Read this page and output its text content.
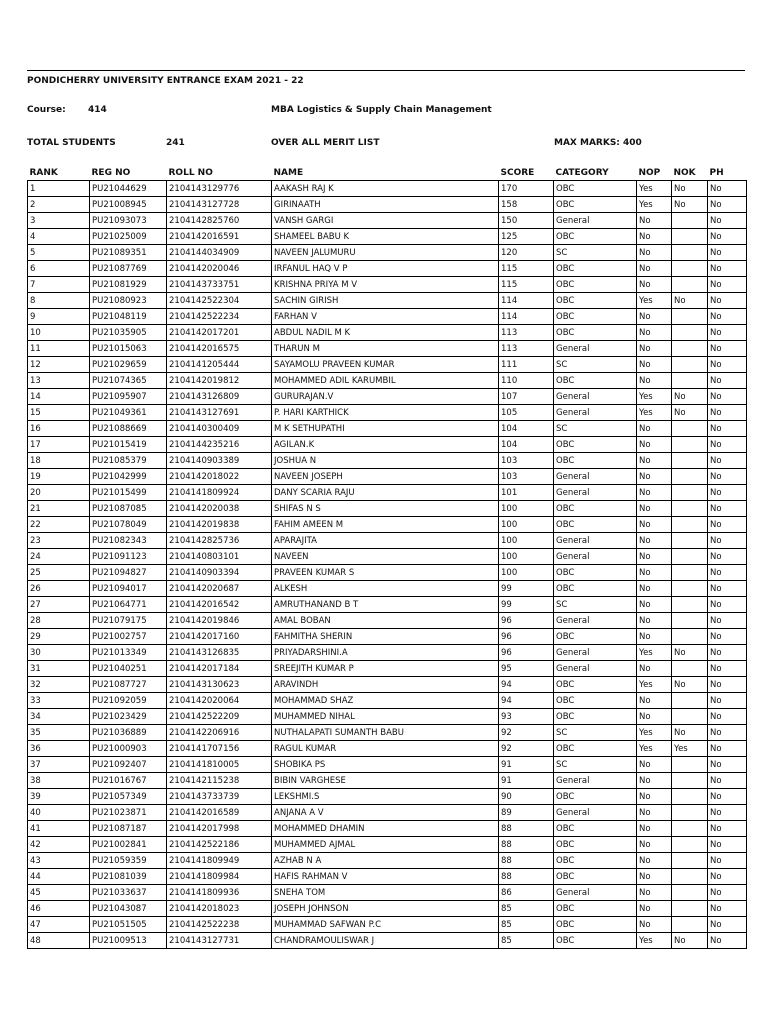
PONDICHERRY UNIVERSITY ENTRANCE EXAM 2021 - 22
Course: 414	MBA Logistics & Supply Chain Management
TOTAL STUDENTS	241	OVER ALL MERIT LIST	MAX MARKS: 400
RANK	REG NO	ROLL NO	NAME	SCORE	CATEGORY	NOP	NOK	PH
1	PU21044629	2104143129776	AAKASH RAJ K	170	OBC	Yes	No	No
2	PU21008945	2104143127728	GIRINAATH	158	OBC	Yes	No	No
3	PU21093073	2104142825760	VANSH GARGI	150	General	No		No
4	PU21025009	2104142016591	SHAMEEL BABU K	125	OBC	No		No
5	PU21089351	2104144034909	NAVEEN JALUMURU	120	SC	No		No
6	PU21087769	2104142020046	IRFANUL HAQ V P	115	OBC	No		No
7	PU21081929	2104143733751	KRISHNA PRIYA M V	115	OBC	No		No
8	PU21080923	2104142522304	SACHIN GIRISH	114	OBC	Yes	No	No
9	PU21048119	2104142522234	FARHAN V	114	OBC	No		No
10	PU21035905	2104142017201	ABDUL NADIL M K	113	OBC	No		No
11	PU21015063	2104142016575	THARUN M	113	General	No		No
12	PU21029659	2104141205444	SAYAMOLU PRAVEEN KUMAR	111	SC	No		No
13	PU21074365	2104142019812	MOHAMMED ADIL KARUMBIL	110	OBC	No		No
14	PU21095907	2104143126809	GURURAJAN.V	107	General	Yes	No	No
15	PU21049361	2104143127691	P. HARI KARTHICK	105	General	Yes	No	No
16	PU21088669	2104140300409	M K SETHUPATHI	104	SC	No		No
17	PU21015419	2104144235216	AGILAN.K	104	OBC	No		No
18	PU21085379	2104140903389	JOSHUA N	103	OBC	No		No
19	PU21042999	2104142018022	NAVEEN JOSEPH	103	General	No		No
20	PU21015499	2104141809924	DANY SCARIA RAJU	101	General	No		No
21	PU21087085	2104142020038	SHIFAS N S	100	OBC	No		No
22	PU21078049	2104142019838	FAHIM AMEEN M	100	OBC	No		No
23	PU21082343	2104142825736	APARAJITA	100	General	No		No
24	PU21091123	2104140803101	NAVEEN	100	General	No		No
25	PU21094827	2104140903394	PRAVEEN KUMAR S	100	OBC	No		No
26	PU21094017	2104142020687	ALKESH	99	OBC	No		No
27	PU21064771	2104142016542	AMRUTHANAND B T	99	SC	No		No
28	PU21079175	2104142019846	AMAL BOBAN	96	General	No		No
29	PU21002757	2104142017160	FAHMITHA SHERIN	96	OBC	No		No
30	PU21013349	2104143126835	PRIYADARSHINI.A	96	General	Yes	No	No
31	PU21040251	2104142017184	SREEJITH KUMAR P	95	General	No		No
32	PU21087727	2104143130623	ARAVINDH	94	OBC	Yes	No	No
33	PU21092059	2104142020064	MOHAMMAD SHAZ	94	OBC	No		No
34	PU21023429	2104142522209	MUHAMMED NIHAL	93	OBC	No		No
35	PU21036889	2104142206916	NUTHALAPATI SUMANTH BABU	92	SC	Yes	No	No
36	PU21000903	2104141707156	RAGUL KUMAR	92	OBC	Yes	Yes	No
37	PU21092407	2104141810005	SHOBIKA PS	91	SC	No		No
38	PU21016767	2104142115238	BIBIN VARGHESE	91	General	No		No
39	PU21057349	2104143733739	LEKSHMI.S	90	OBC	No		No
40	PU21023871	2104142016589	ANJANA A V	89	General	No		No
41	PU21087187	2104142017998	MOHAMMED DHAMIN	88	OBC	No		No
42	PU21002841	2104142522186	MUHAMMED AJMAL	88	OBC	No		No
43	PU21059359	2104141809949	AZHAB N A	88	OBC	No		No
44	PU21081039	2104141809984	HAFIS RAHMAN V	88	OBC	No		No
45	PU21033637	2104141809936	SNEHA TOM	86	General	No		No
46	PU21043087	2104142018023	JOSEPH JOHNSON	85	OBC	No		No
47	PU21051505	2104142522238	MUHAMMAD SAFWAN P.C	85	OBC	No		No
48	PU21009513	2104143127731	CHANDRAMOULISWAR J	85	OBC	Yes	No	No
